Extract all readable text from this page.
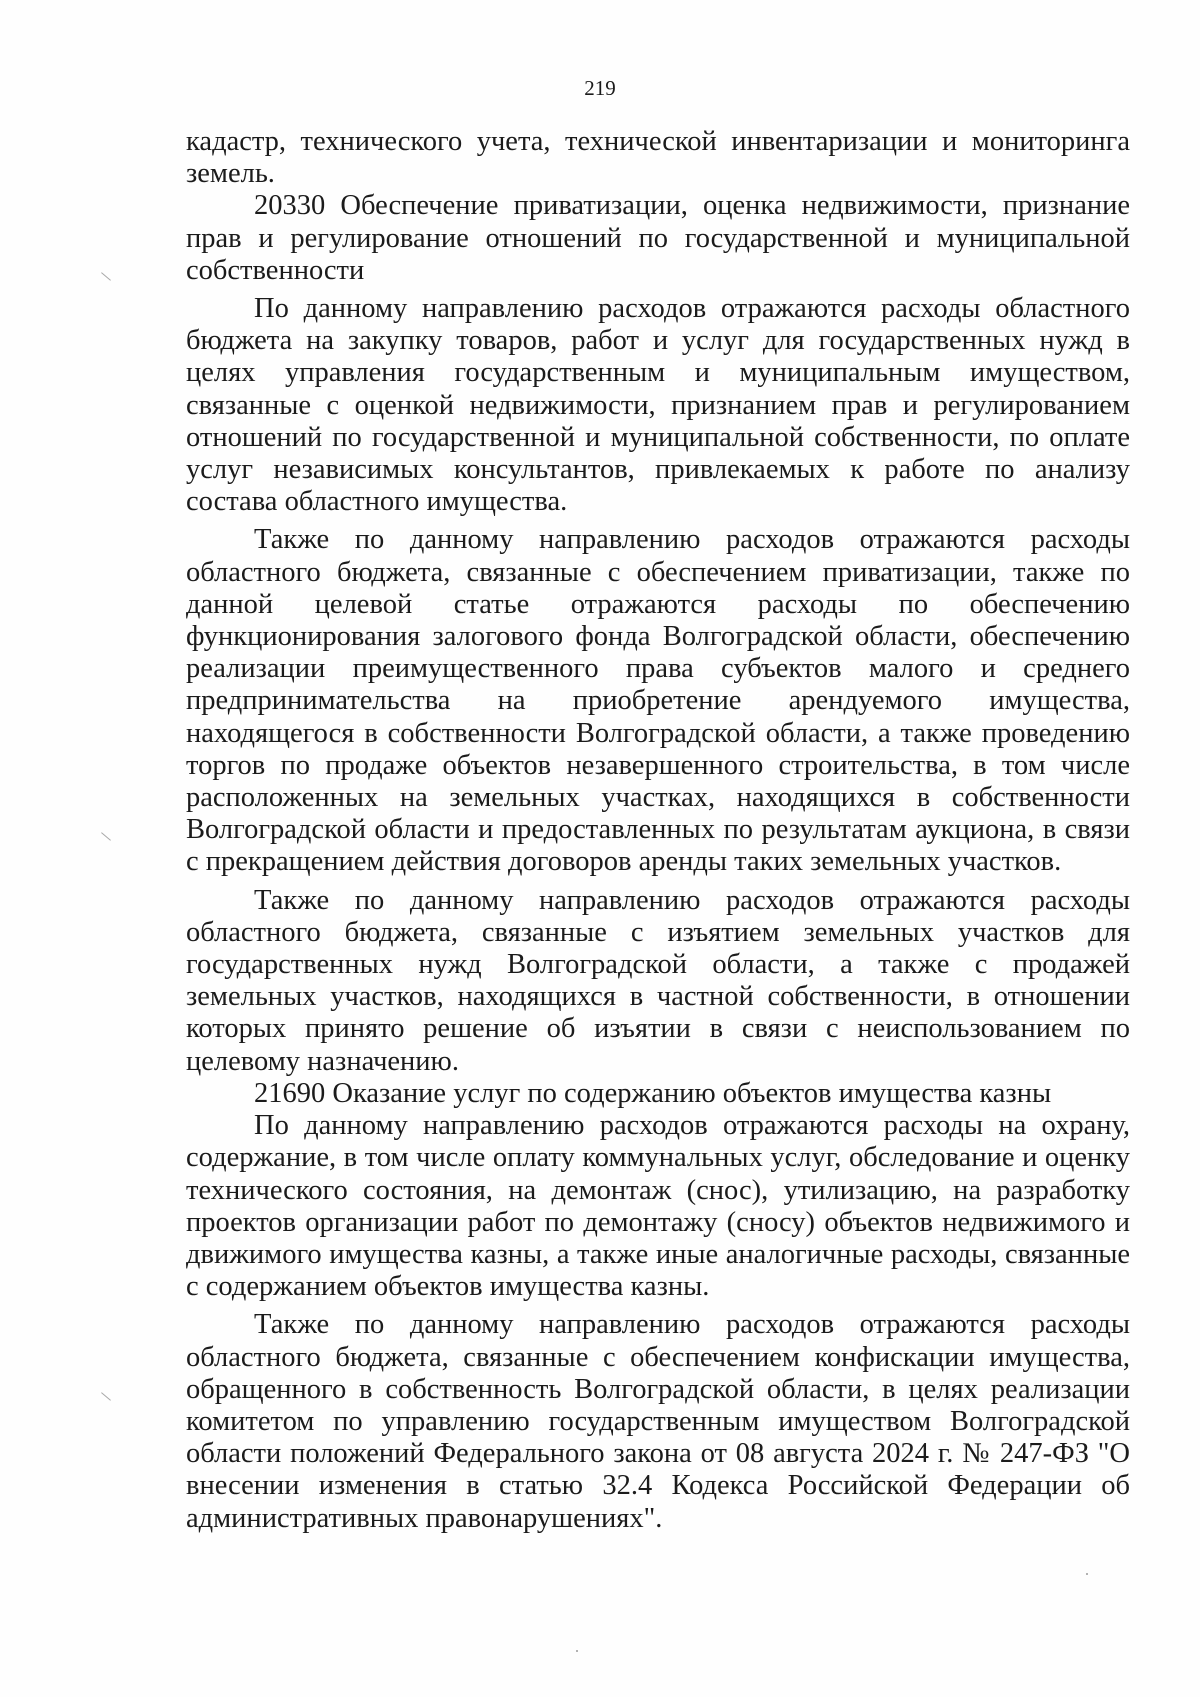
219

кадастр, технического учета, технической инвентаризации и мониторинга земель.

20330 Обеспечение приватизации, оценка недвижимости, признание прав и регулирование отношений по государственной и муниципальной собственности

По данному направлению расходов отражаются расходы областного бюджета на закупку товаров, работ и услуг для государственных нужд в целях управления государственным и муниципальным имуществом, связанные с оценкой недвижимости, признанием прав и регулированием отношений по государственной и муниципальной собственности, по оплате услуг независимых консультантов, привлекаемых к работе по анализу состава областного имущества.

Также по данному направлению расходов отражаются расходы областного бюджета, связанные с обеспечением приватизации, также по данной целевой статье отражаются расходы по обеспечению функционирования залогового фонда Волгоградской области, обеспечению реализации преимущественного права субъектов малого и среднего предпринимательства на приобретение арендуемого имущества, находящегося в собственности Волгоградской области, а также проведению торгов по продаже объектов незавершенного строительства, в том числе расположенных на земельных участках, находящихся в собственности Волгоградской области и предоставленных по результатам аукциона, в связи с прекращением действия договоров аренды таких земельных участков.

Также по данному направлению расходов отражаются расходы областного бюджета, связанные с изъятием земельных участков для государственных нужд Волгоградской области, а также с продажей земельных участков, находящихся в частной собственности, в отношении которых принято решение об изъятии в связи с неиспользованием по целевому назначению.

21690 Оказание услуг по содержанию объектов имущества казны

По данному направлению расходов отражаются расходы на охрану, содержание, в том числе оплату коммунальных услуг, обследование и оценку технического состояния, на демонтаж (снос), утилизацию, на разработку проектов организации работ по демонтажу (сносу) объектов недвижимого и движимого имущества казны, а также иные аналогичные расходы, связанные с содержанием объектов имущества казны.

Также по данному направлению расходов отражаются расходы областного бюджета, связанные с обеспечением конфискации имущества, обращенного в собственность Волгоградской области, в целях реализации комитетом по управлению государственным имуществом Волгоградской области положений Федерального закона от 08 августа 2024 г. № 247-ФЗ "О внесении изменения в статью 32.4 Кодекса Российской Федерации об административных правонарушениях".
